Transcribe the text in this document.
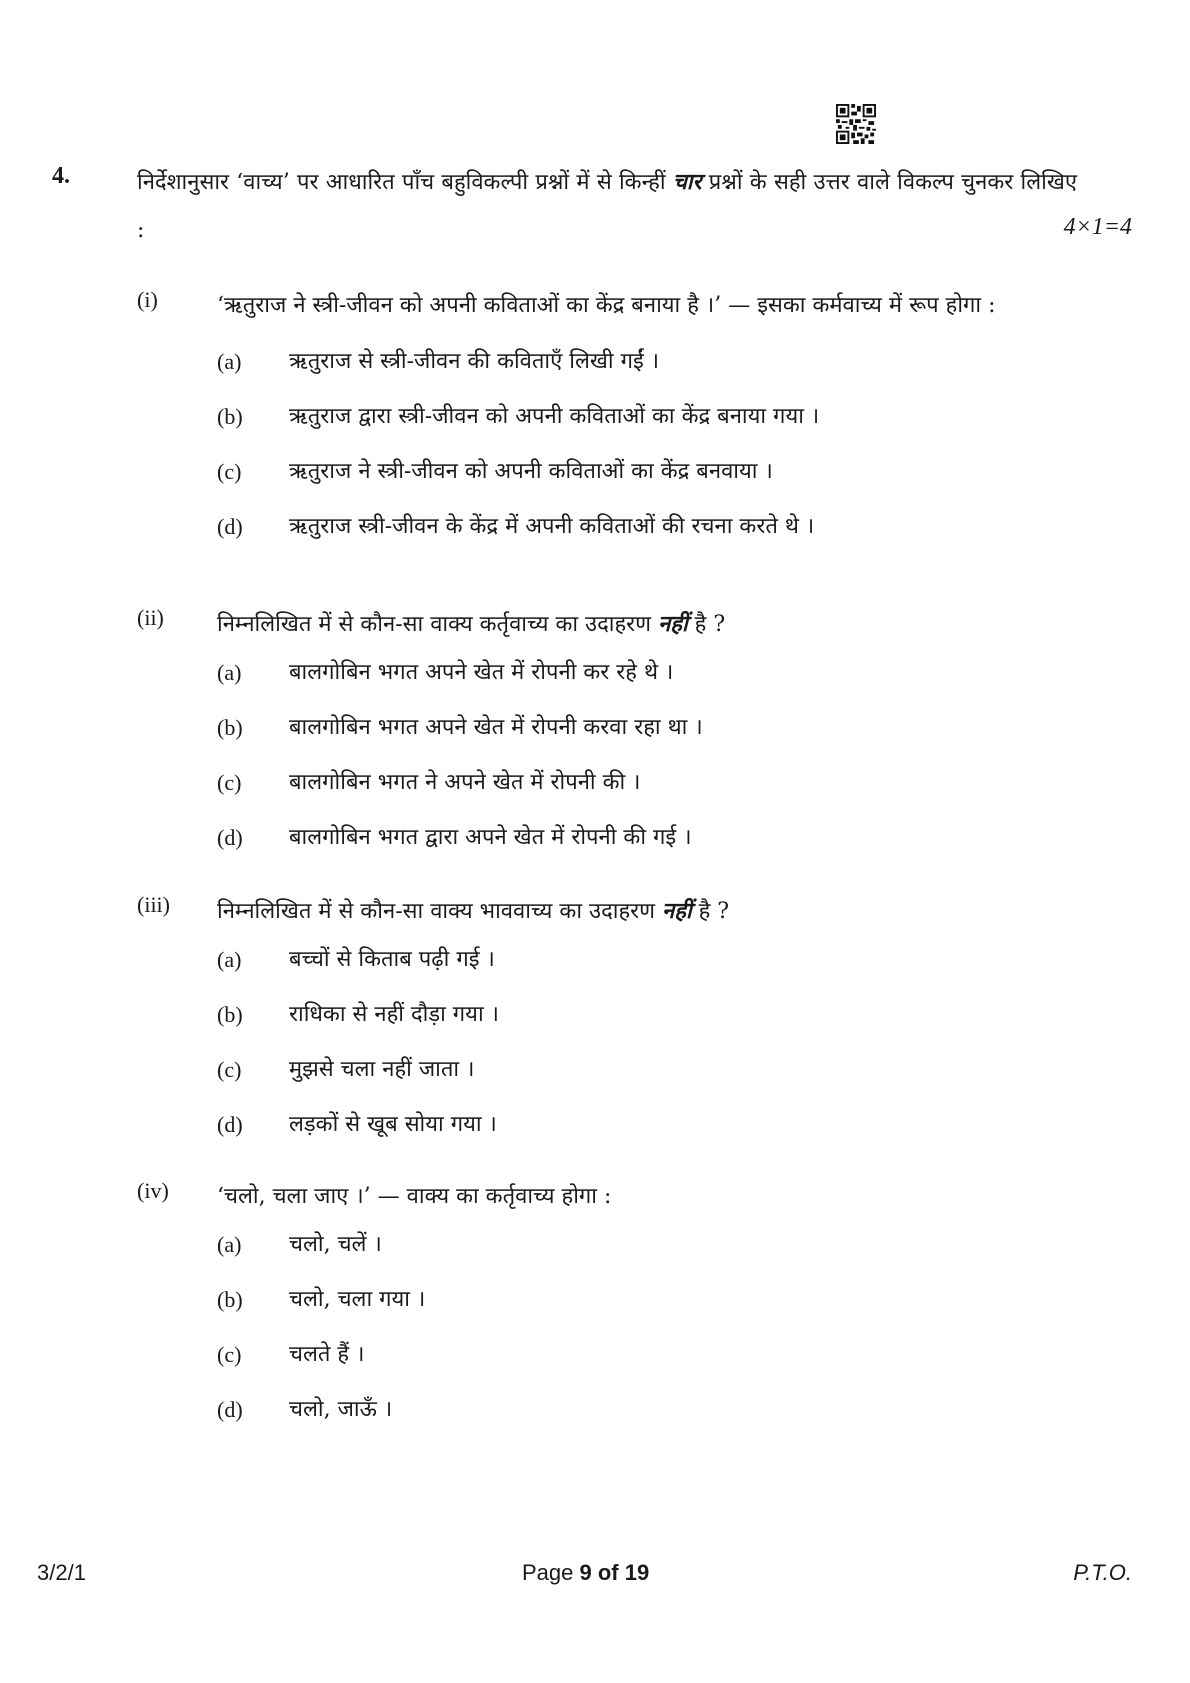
4.	निर्देशानुसार ‘वाच्य’ पर आधारित पाँच बहुविकल्पी प्रश्नों में से किन्हीं चार प्रश्नों के सही उत्तर वाले विकल्प चुनकर लिखिए :	4×1=4
(i)	‘ऋतुराज ने स्त्री-जीवन को अपनी कविताओं का केंद्र बनाया है ।’ — इसका कर्मवाच्य में रूप होगा :
(a) ऋतुराज से स्त्री-जीवन की कविताएँ लिखी गईं ।
(b) ऋतुराज द्वारा स्त्री-जीवन को अपनी कविताओं का केंद्र बनाया गया ।
(c) ऋतुराज ने स्त्री-जीवन को अपनी कविताओं का केंद्र बनवाया ।
(d) ऋतुराज स्त्री-जीवन के केंद्र में अपनी कविताओं की रचना करते थे ।
(ii) निम्नलिखित में से कौन-सा वाक्य कर्तृवाच्य का उदाहरण नहीं है ?
(a) बालगोबिन भगत अपने खेत में रोपनी कर रहे थे ।
(b) बालगोबिन भगत अपने खेत में रोपनी करवा रहा था ।
(c) बालगोबिन भगत ने अपने खेत में रोपनी की ।
(d) बालगोबिन भगत द्वारा अपने खेत में रोपनी की गई ।
(iii) निम्नलिखित में से कौन-सा वाक्य भाववाच्य का उदाहरण नहीं है ?
(a) बच्चों से किताब पढ़ी गई ।
(b) राधिका से नहीं दौड़ा गया ।
(c) मुझसे चला नहीं जाता ।
(d) लड़कों से खूब सोया गया ।
(iv) ‘चलो, चला जाए ।’ — वाक्य का कर्तृवाच्य होगा :
(a) चलो, चलें ।
(b) चलो, चला गया ।
(c) चलते हैं ।
(d) चलो, जाऊँ ।
3/2/1	Page 9 of 19	P.T.O.
